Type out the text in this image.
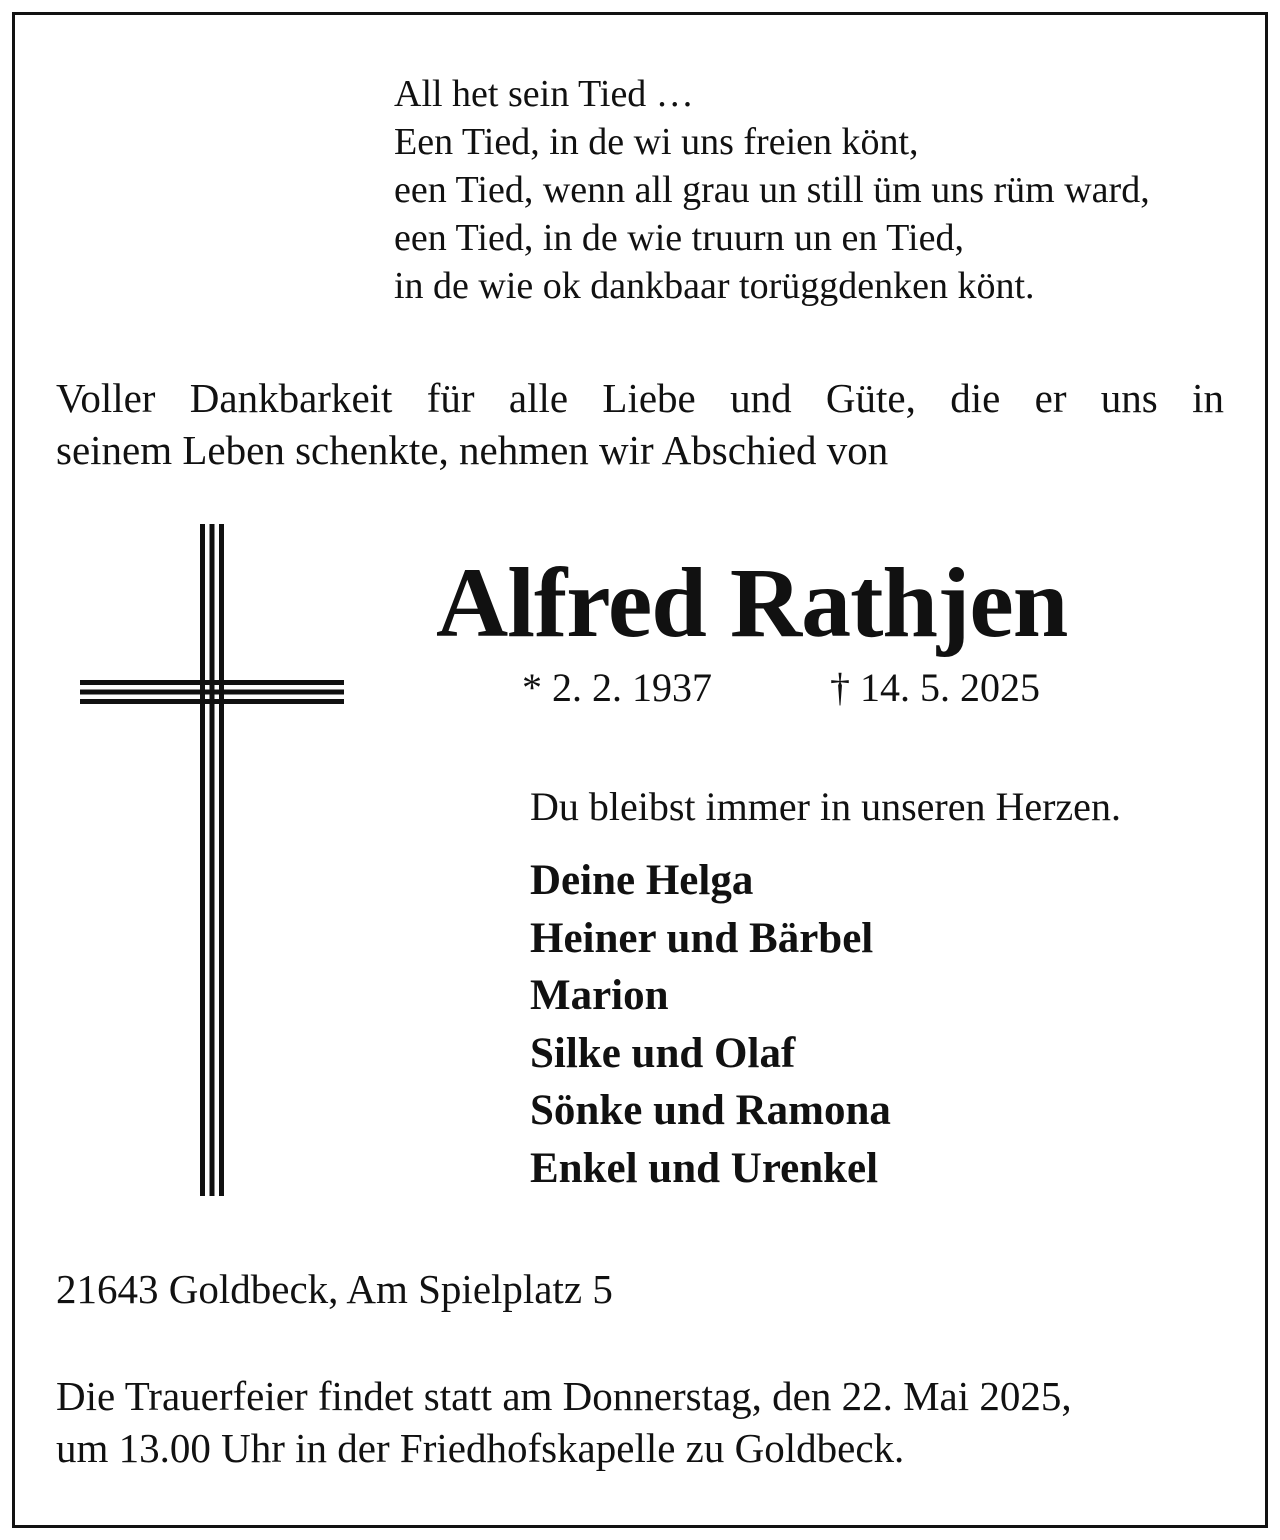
All het sein Tied …
Een Tied, in de wi uns freien könt,
een Tied, wenn all grau un still üm uns rüm ward,
een Tied, in de wie truurn un en Tied,
in de wie ok dankbaar torüggdenken könt.
Voller Dankbarkeit für alle Liebe und Güte, die er uns in
seinem Leben schenkte, nehmen wir Abschied von
Alfred Rathjen
* 2. 2. 1937	† 14. 5. 2025
Du bleibst immer in unseren Herzen.
Deine Helga
Heiner und Bärbel
Marion
Silke und Olaf
Sönke und Ramona
Enkel und Urenkel
21643 Goldbeck, Am Spielplatz 5
Die Trauerfeier findet statt am Donnerstag, den 22. Mai 2025,
um 13.00 Uhr in der Friedhofskapelle zu Goldbeck.
